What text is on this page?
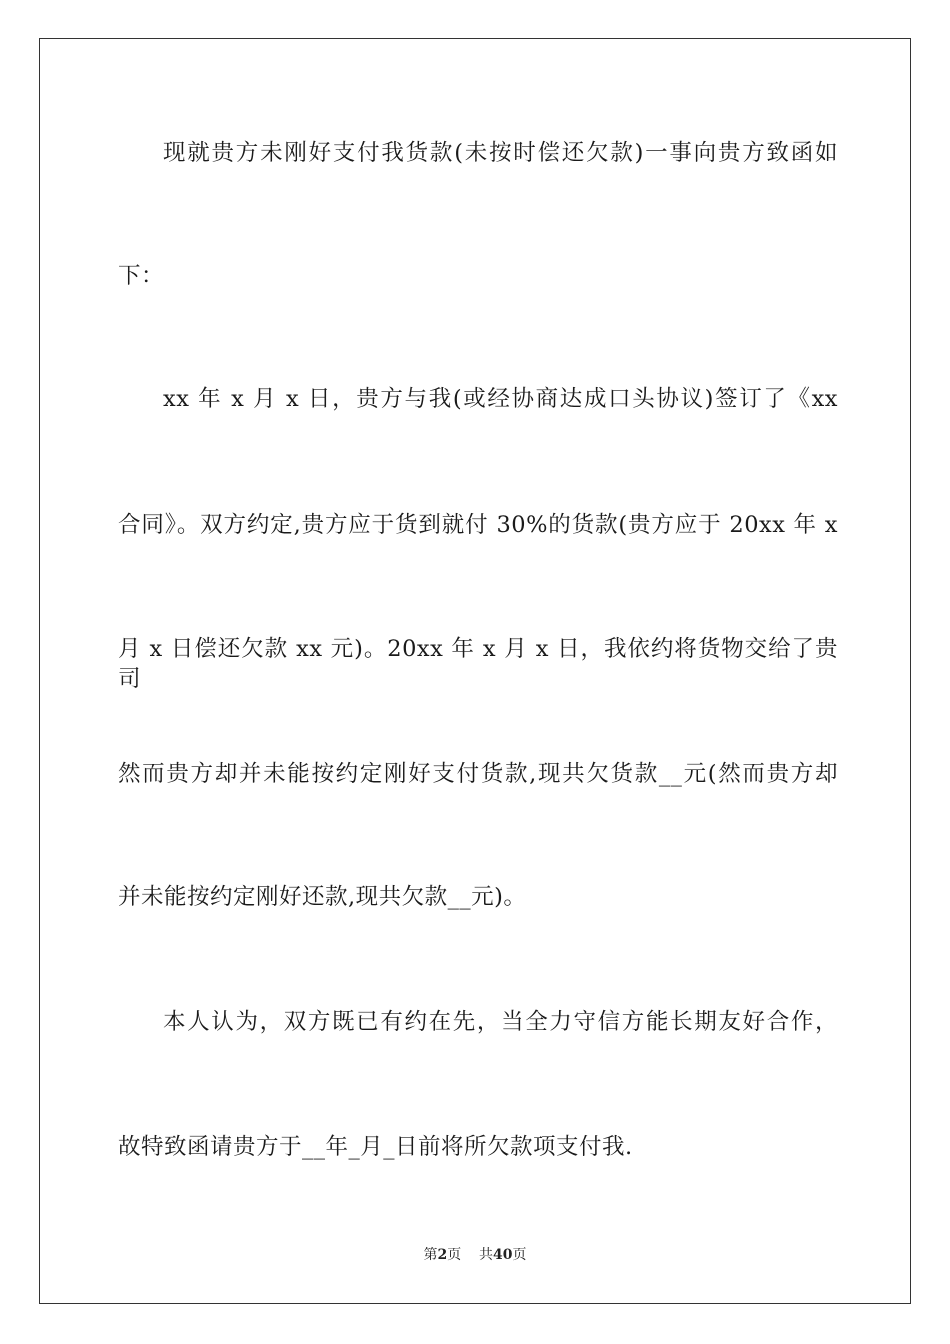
现就贵方未刚好支付我货款(未按时偿还欠款)一事向贵方致函如
下：
xx 年 x 月 x 日，贵方与我(或经协商达成口头协议)签订了《xx
合同》。双方约定,贵方应于货到就付 30%的货款(贵方应于 20xx 年 x
月 x 日偿还欠款 xx 元)。20xx 年 x 月 x 日，我依约将货物交给了贵司
然而贵方却并未能按约定刚好支付货款,现共欠货款__元(然而贵方却
并未能按约定刚好还款,现共欠款__元)。
本人认为，双方既已有约在先，当全力守信方能长期友好合作，
故特致函请贵方于__年_月_日前将所欠款项支付我.
第2页 共40页
